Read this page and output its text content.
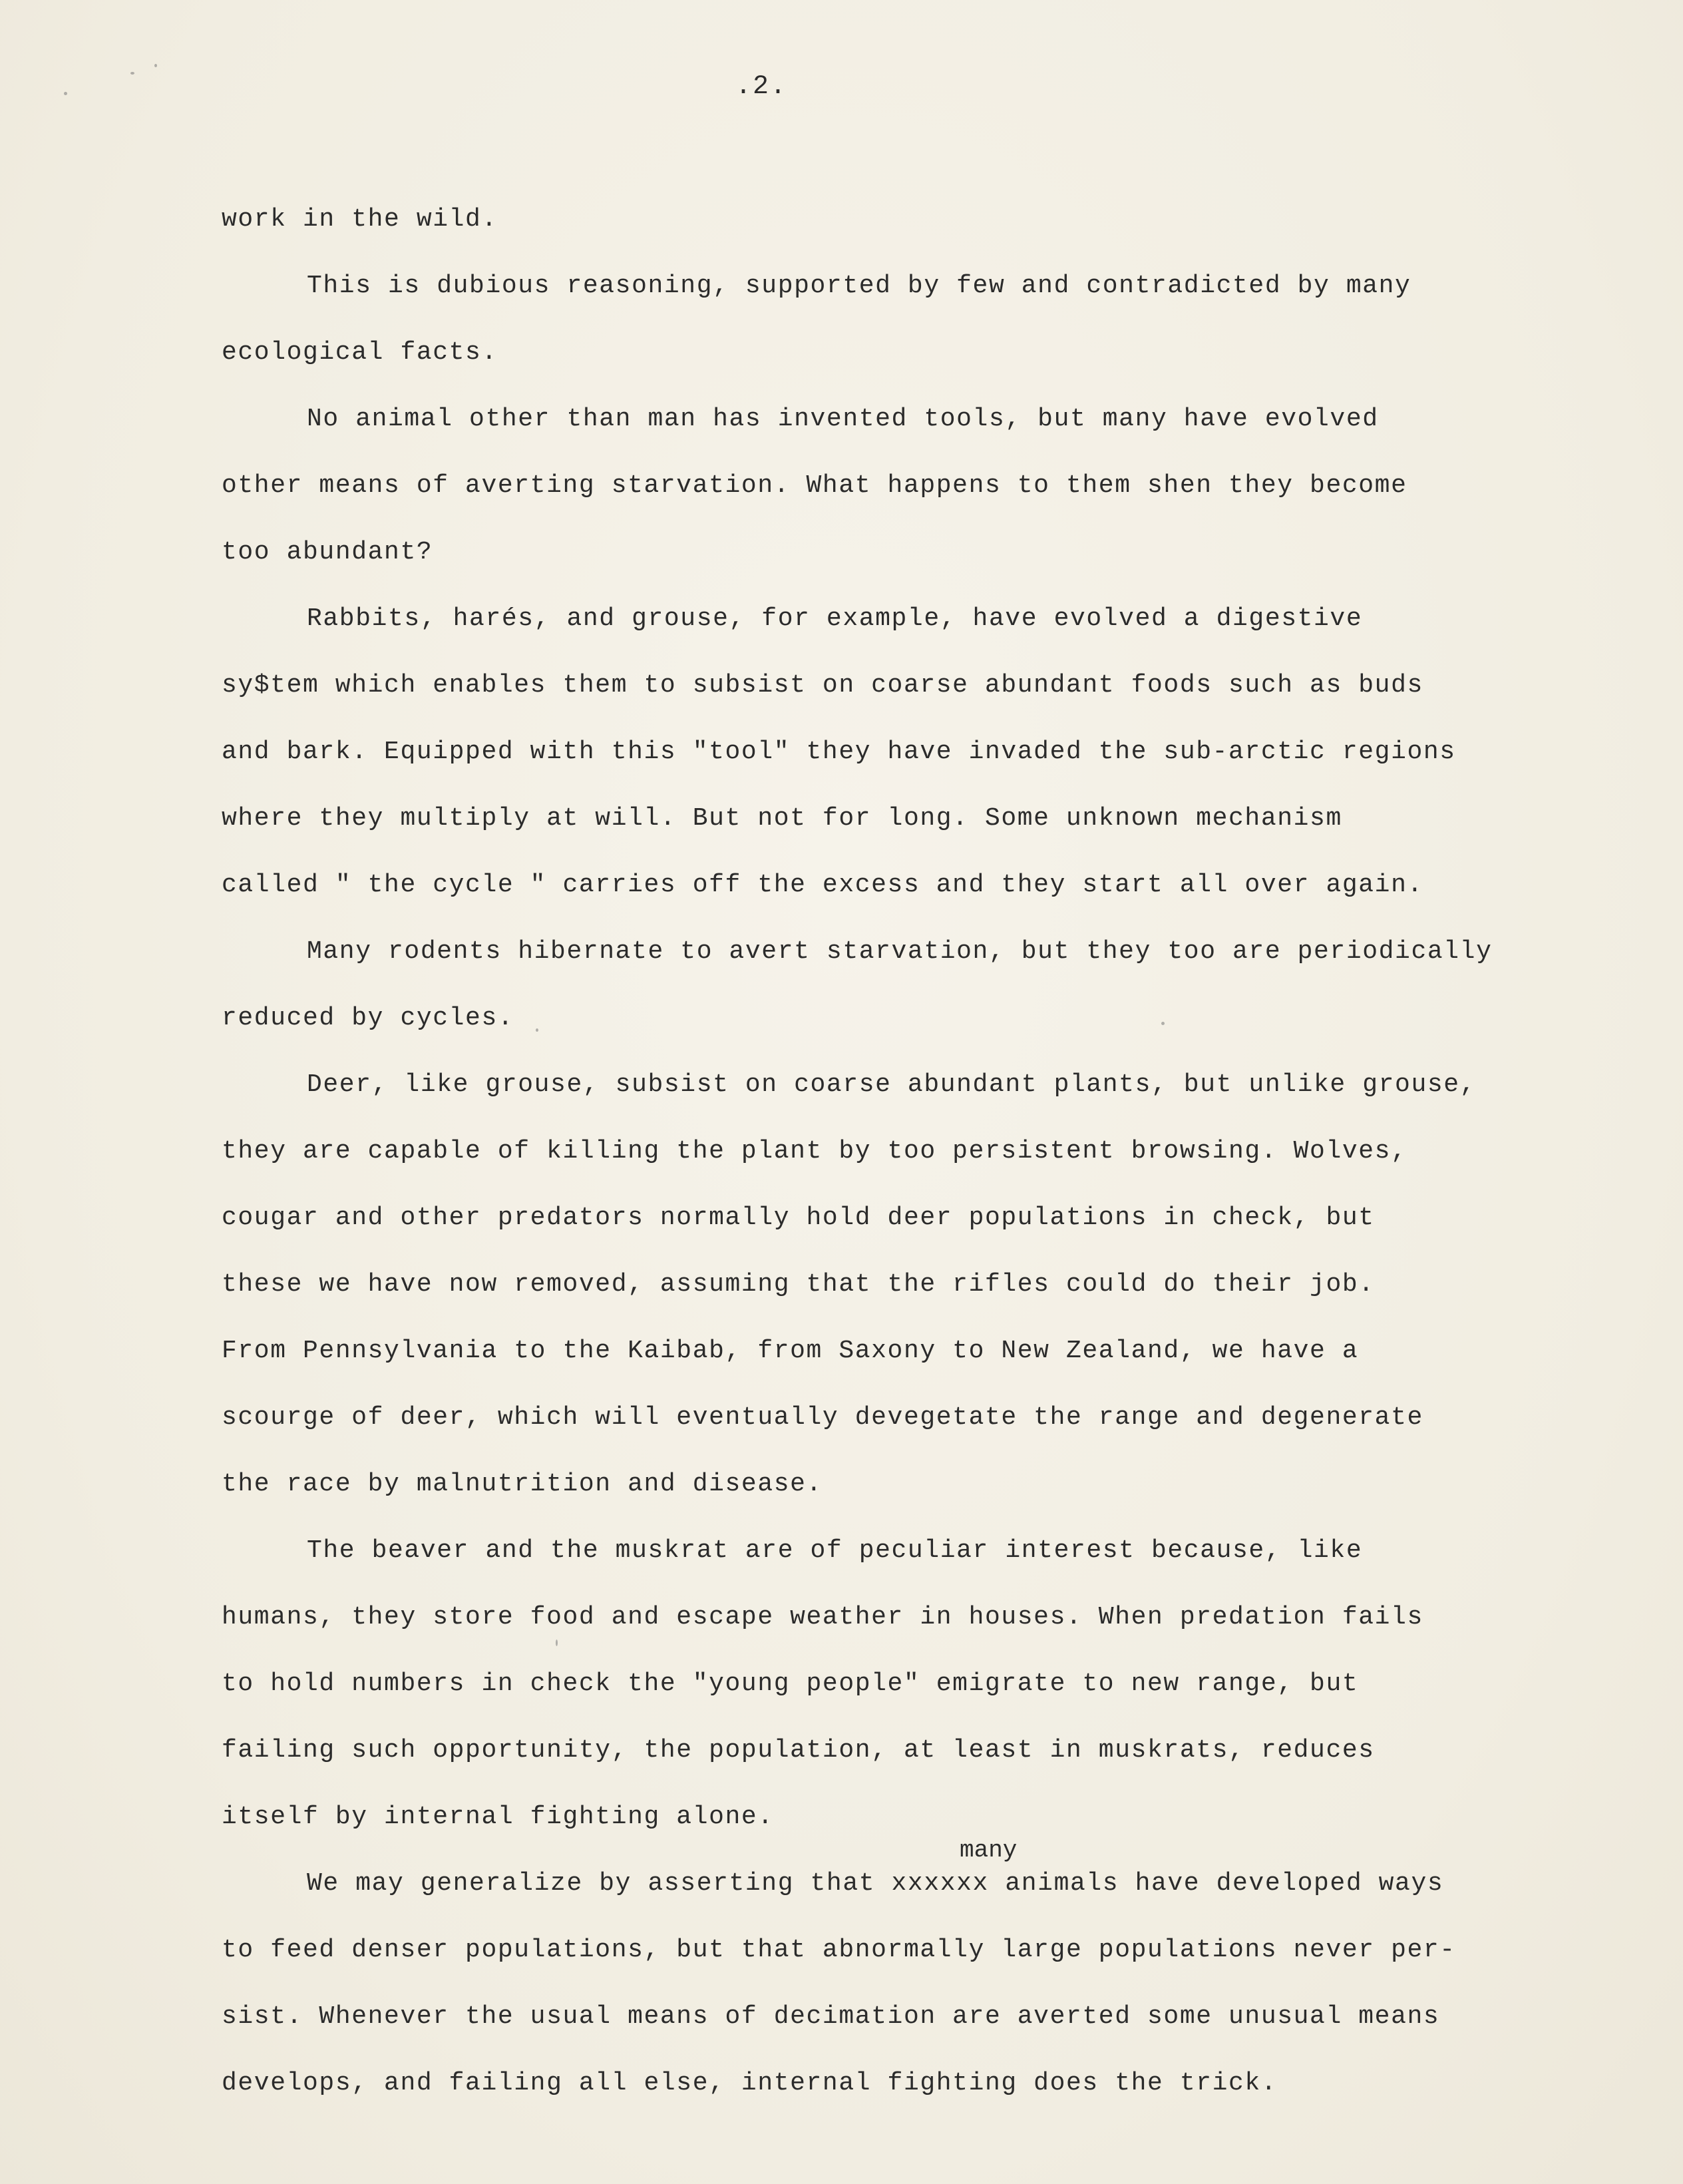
.2.
work in the wild.
This is dubious reasoning, supported by few and contradicted by many
ecological facts.
No animal other than man has invented tools, but many have evolved
other means of averting starvation. What happens to them shen they become
too abundant?
Rabbits, harés, and grouse, for example, have evolved a digestive
sy$tem which enables them to subsist on coarse abundant foods such as buds
and bark. Equipped with this "tool" they have invaded the sub-arctic regions
where they multiply at will. But not for long. Some unknown mechanism
called " the cycle " carries off the excess and they start all over again.
Many rodents hibernate to avert starvation, but they too are periodically
reduced by cycles.
Deer, like grouse, subsist on coarse abundant plants, but unlike grouse,
they are capable of killing the plant by too persistent browsing. Wolves,
cougar and other predators normally hold deer populations in check, but
these we have now removed, assuming that the rifles could do their job.
From Pennsylvania to the Kaibab, from Saxony to New Zealand, we have a
scourge of deer, which will eventually devegetate the range and degenerate
the race by malnutrition and disease.
The beaver and the muskrat are of peculiar interest because, like
humans, they store food and escape weather in houses. When predation fails
to hold numbers in check the "young people" emigrate to new range, but
failing such opportunity, the population, at least in muskrats, reduces
itself by internal fighting alone.
We may generalize by asserting that xxxxxx animals have developed ways
to feed denser populations, but that abnormally large populations never per-
sist. Whenever the usual means of decimation are averted some unusual means
develops, and failing all else, internal fighting does the trick.
many
